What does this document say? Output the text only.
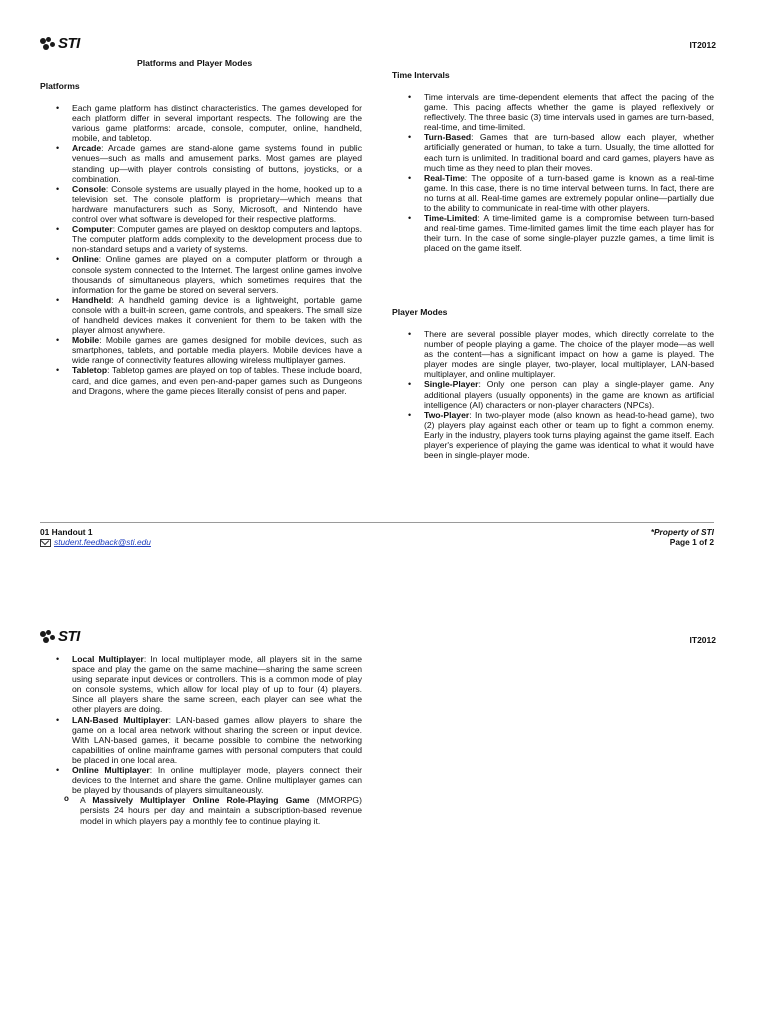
STI	IT2012
Platforms and Player Modes
Platforms
• Each game platform has distinct characteristics. The games developed for each platform differ in several important respects. The following are the various game platforms: arcade, console, computer, online, handheld, mobile, and tabletop.
• Arcade: Arcade games are stand-alone game systems found in public venues—such as malls and amusement parks. Most games are played standing up—with player controls consisting of buttons, joysticks, or a combination.
• Console: Console systems are usually played in the home, hooked up to a television set. The console platform is proprietary—which means that hardware manufacturers such as Sony, Microsoft, and Nintendo have control over what software is developed for their respective platforms.
• Computer: Computer games are played on desktop computers and laptops. The computer platform adds complexity to the development process due to non-standard setups and a variety of systems.
• Online: Online games are played on a computer platform or through a console system connected to the Internet. The largest online games involve thousands of simultaneous players, which sometimes requires that the information for the game be stored on several servers.
• Handheld: A handheld gaming device is a lightweight, portable game console with a built-in screen, game controls, and speakers. The small size of handheld devices makes it convenient for them to be taken with the player almost anywhere.
• Mobile: Mobile games are games designed for mobile devices, such as smartphones, tablets, and portable media players. Mobile devices have a wide range of connectivity features allowing wireless multiplayer games.
• Tabletop: Tabletop games are played on top of tables. These include board, card, and dice games, and even pen-and-paper games such as Dungeons and Dragons, where the game pieces literally consist of pens and paper.
Time Intervals
• Time intervals are time-dependent elements that affect the pacing of the game. This pacing affects whether the game is played reflexively or reflectively. The three basic (3) time intervals used in games are turn-based, real-time, and time-limited.
• Turn-Based: Games that are turn-based allow each player, whether artificially generated or human, to take a turn. Usually, the time allotted for each turn is unlimited. In traditional board and card games, players have as much time as they need to plan their moves.
• Real-Time: The opposite of a turn-based game is known as a real-time game. In this case, there is no time interval between turns. In fact, there are no turns at all. Real-time games are extremely popular online—partially due to the ability to communicate in real-time with other players.
• Time-Limited: A time-limited game is a compromise between turn-based and real-time games. Time-limited games limit the time each player has for their turn. In the case of some single-player puzzle games, a time limit is placed on the game itself.
Player Modes
• There are several possible player modes, which directly correlate to the number of people playing a game. The choice of the player mode—as well as the content—has a significant impact on how a game is played. The player modes are single player, two-player, local multiplayer, LAN-based multiplayer, and online multiplayer.
• Single-Player: Only one person can play a single-player game. Any additional players (usually opponents) in the game are known as artificial intelligence (AI) characters or non-player characters (NPCs).
• Two-Player: In two-player mode (also known as head-to-head game), two (2) players play against each other or team up to fight a common enemy. Early in the industry, players took turns playing against the game itself. Each player's experience of playing the game was identical to what it would have been in single-player mode.
01 Handout 1
student.feedback@sti.edu
*Property of STI
Page 1 of 2
STI	IT2012
• Local Multiplayer: In local multiplayer mode, all players sit in the same space and play the game on the same machine—sharing the same screen using separate input devices or controllers. This is a common mode of play on console systems, which allow for local play of up to four (4) players. Since all players share the same screen, each player can see what the other players are doing.
• LAN-Based Multiplayer: LAN-based games allow players to share the game on a local area network without sharing the screen or input device. With LAN-based games, it became possible to combine the networking capabilities of online mainframe games with personal computers that could be placed in one local area.
• Online Multiplayer: In online multiplayer mode, players connect their devices to the Internet and share the game. Online multiplayer games can be played by thousands of players simultaneously.
o A Massively Multiplayer Online Role-Playing Game (MMORPG) persists 24 hours per day and maintain a subscription-based revenue model in which players pay a monthly fee to continue playing it.
